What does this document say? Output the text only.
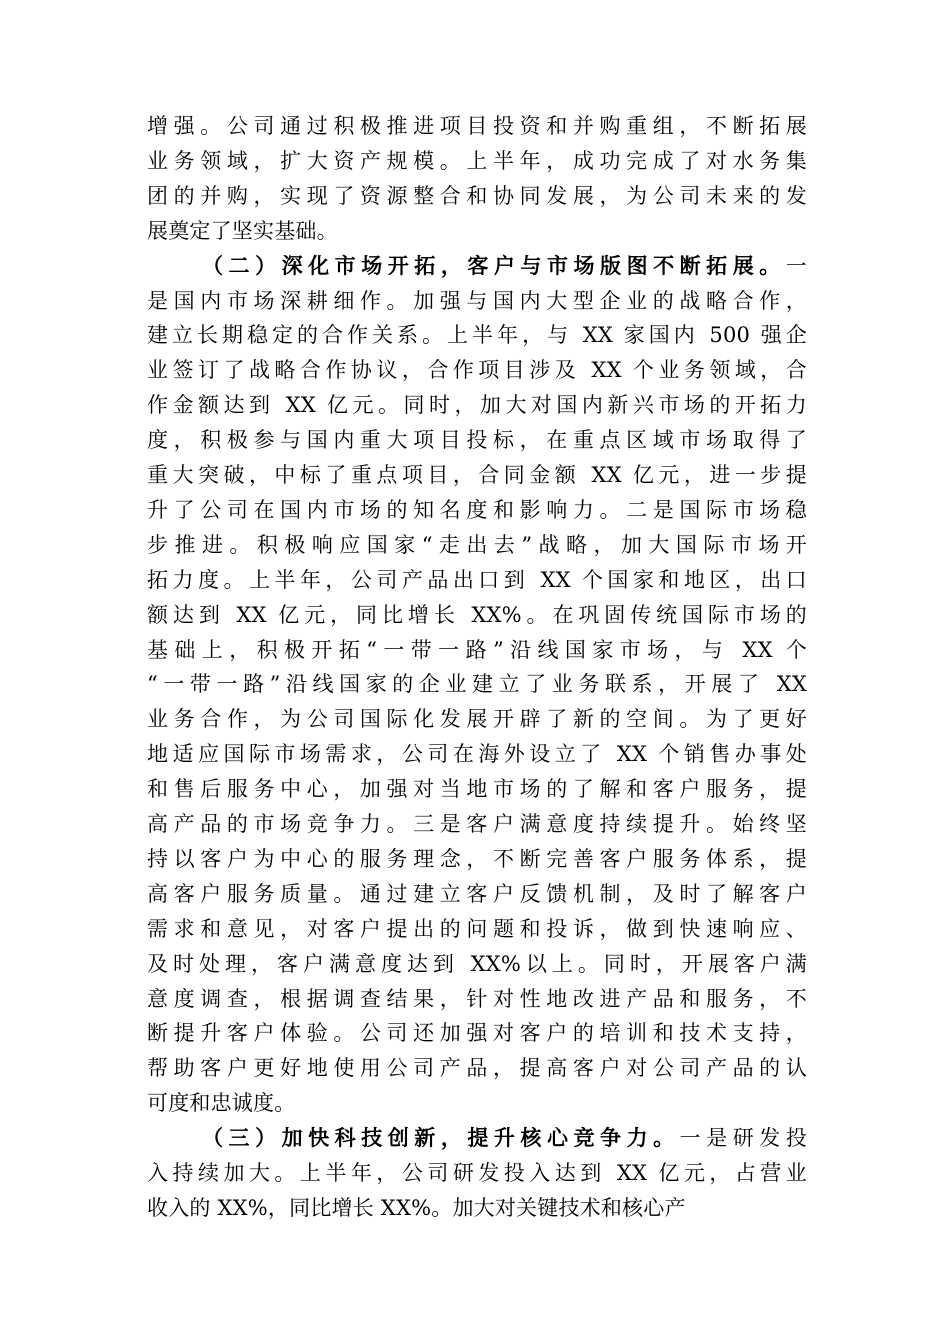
增强。公司通过积极推进项目投资和并购重组，不断拓展
业务领域，扩大资产规模。上半年，成功完成了对水务集
团的并购，实现了资源整合和协同发展，为公司未来的发
展奠定了坚实基础。
（二）深化市场开拓，客户与市场版图不断拓展。一
是国内市场深耕细作。加强与国内大型企业的战略合作，
建立长期稳定的合作关系。上半年，与 XX 家国内 500 强企
业签订了战略合作协议，合作项目涉及 XX 个业务领域，合
作金额达到 XX 亿元。同时，加大对国内新兴市场的开拓力
度，积极参与国内重大项目投标，在重点区域市场取得了
重大突破，中标了重点项目，合同金额 XX 亿元，进一步提
升了公司在国内市场的知名度和影响力。二是国际市场稳
步推进。积极响应国家“走出去”战略，加大国际市场开
拓力度。上半年，公司产品出口到 XX 个国家和地区，出口
额达到 XX 亿元，同比增长 XX%。在巩固传统国际市场的
基础上，积极开拓“一带一路”沿线国家市场，与 XX 个
“一带一路”沿线国家的企业建立了业务联系，开展了 XX
业务合作，为公司国际化发展开辟了新的空间。为了更好
地适应国际市场需求，公司在海外设立了 XX 个销售办事处
和售后服务中心，加强对当地市场的了解和客户服务，提
高产品的市场竞争力。三是客户满意度持续提升。始终坚
持以客户为中心的服务理念，不断完善客户服务体系，提
高客户服务质量。通过建立客户反馈机制，及时了解客户
需求和意见，对客户提出的问题和投诉，做到快速响应、
及时处理，客户满意度达到 XX%以上。同时，开展客户满
意度调查，根据调查结果，针对性地改进产品和服务，不
断提升客户体验。公司还加强对客户的培训和技术支持，
帮助客户更好地使用公司产品，提高客户对公司产品的认
可度和忠诚度。
（三）加快科技创新，提升核心竞争力。一是研发投
入持续加大。上半年，公司研发投入达到 XX 亿元，占营业
收入的 XX%，同比增长 XX%。加大对关键技术和核心产
